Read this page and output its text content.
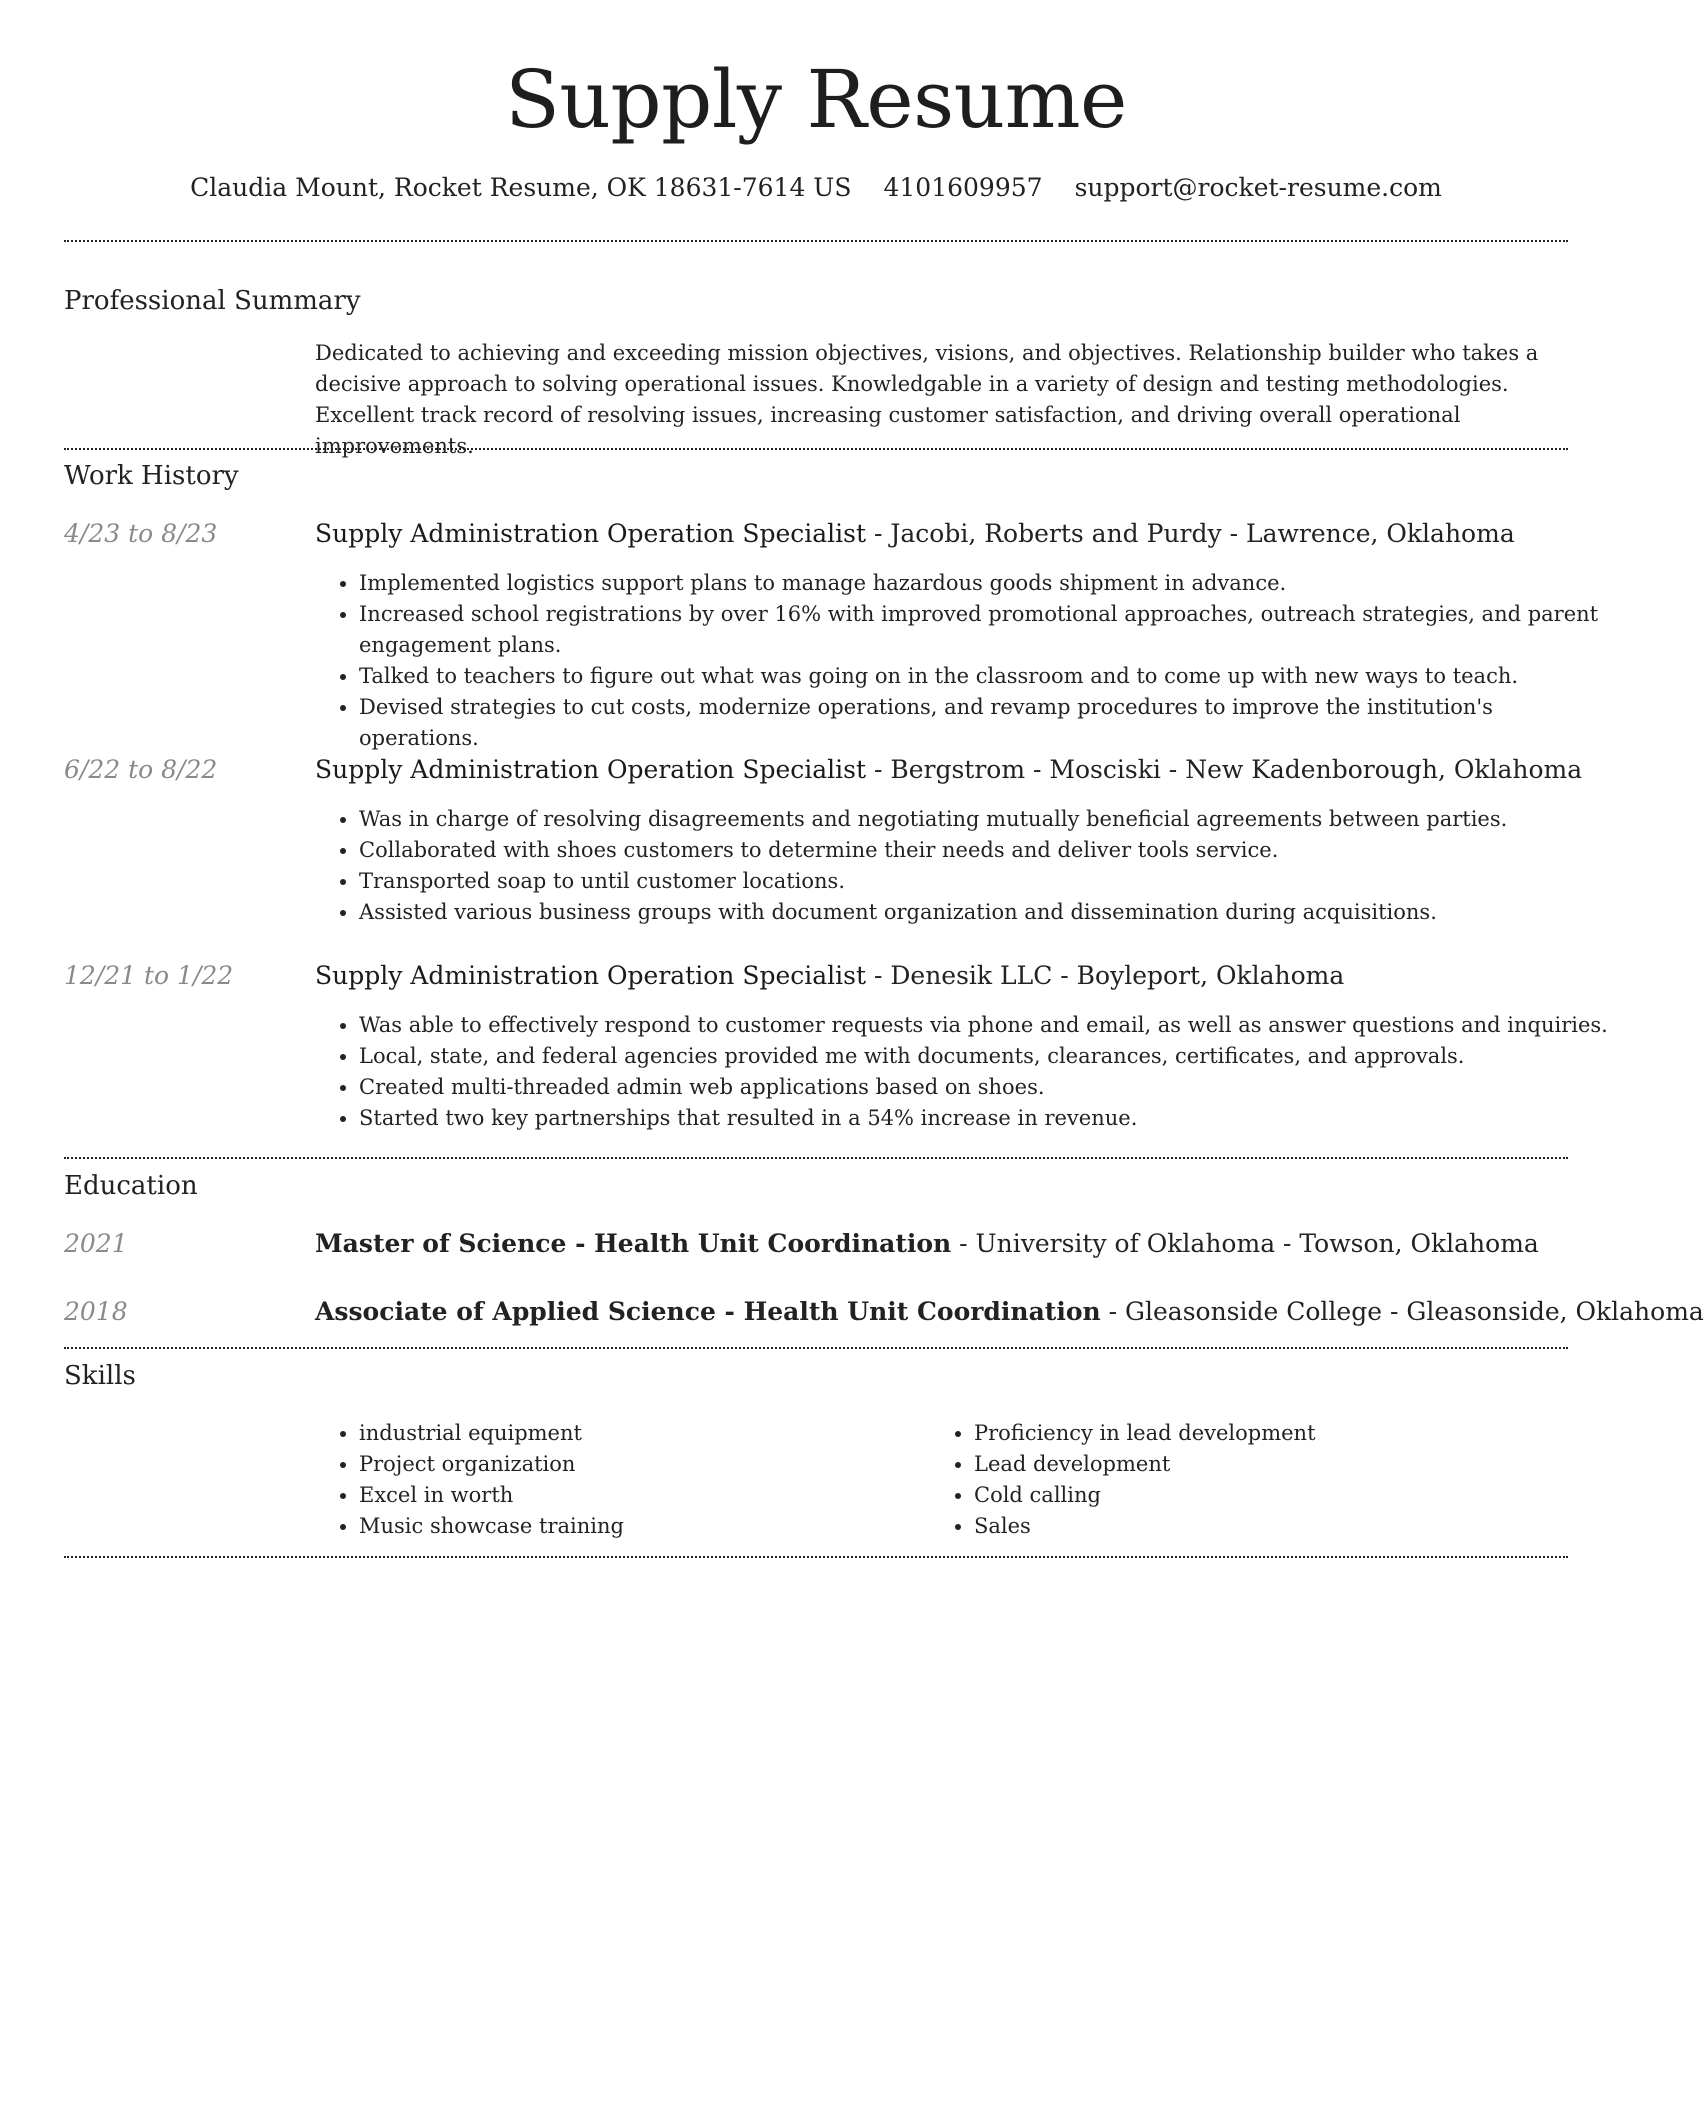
Supply Resume
Claudia Mount, Rocket Resume, OK 18631-7614 US 4101609957 support@rocket-resume.com
Professional Summary
Dedicated to achieving and exceeding mission objectives, visions, and objectives. Relationship builder who takes a decisive approach to solving operational issues. Knowledgable in a variety of design and testing methodologies. Excellent track record of resolving issues, increasing customer satisfaction, and driving overall operational improvements.
Work History
4/23 to 8/23	Supply Administration Operation Specialist - Jacobi, Roberts and Purdy - Lawrence, Oklahoma
• Implemented logistics support plans to manage hazardous goods shipment in advance.
• Increased school registrations by over 16% with improved promotional approaches, outreach strategies, and parent engagement plans.
• Talked to teachers to figure out what was going on in the classroom and to come up with new ways to teach.
• Devised strategies to cut costs, modernize operations, and revamp procedures to improve the institution's operations.
6/22 to 8/22	Supply Administration Operation Specialist - Bergstrom - Mosciski - New Kadenborough, Oklahoma
• Was in charge of resolving disagreements and negotiating mutually beneficial agreements between parties.
• Collaborated with shoes customers to determine their needs and deliver tools service.
• Transported soap to until customer locations.
• Assisted various business groups with document organization and dissemination during acquisitions.
12/21 to 1/22	Supply Administration Operation Specialist - Denesik LLC - Boyleport, Oklahoma
• Was able to effectively respond to customer requests via phone and email, as well as answer questions and inquiries.
• Local, state, and federal agencies provided me with documents, clearances, certificates, and approvals.
• Created multi-threaded admin web applications based on shoes.
• Started two key partnerships that resulted in a 54% increase in revenue.
Education
2021	Master of Science - Health Unit Coordination - University of Oklahoma - Towson, Oklahoma
2018	Associate of Applied Science - Health Unit Coordination - Gleasonside College - Gleasonside, Oklahoma
Skills
• industrial equipment
• Project organization
• Excel in worth
• Music showcase training
• Proficiency in lead development
• Lead development
• Cold calling
• Sales
